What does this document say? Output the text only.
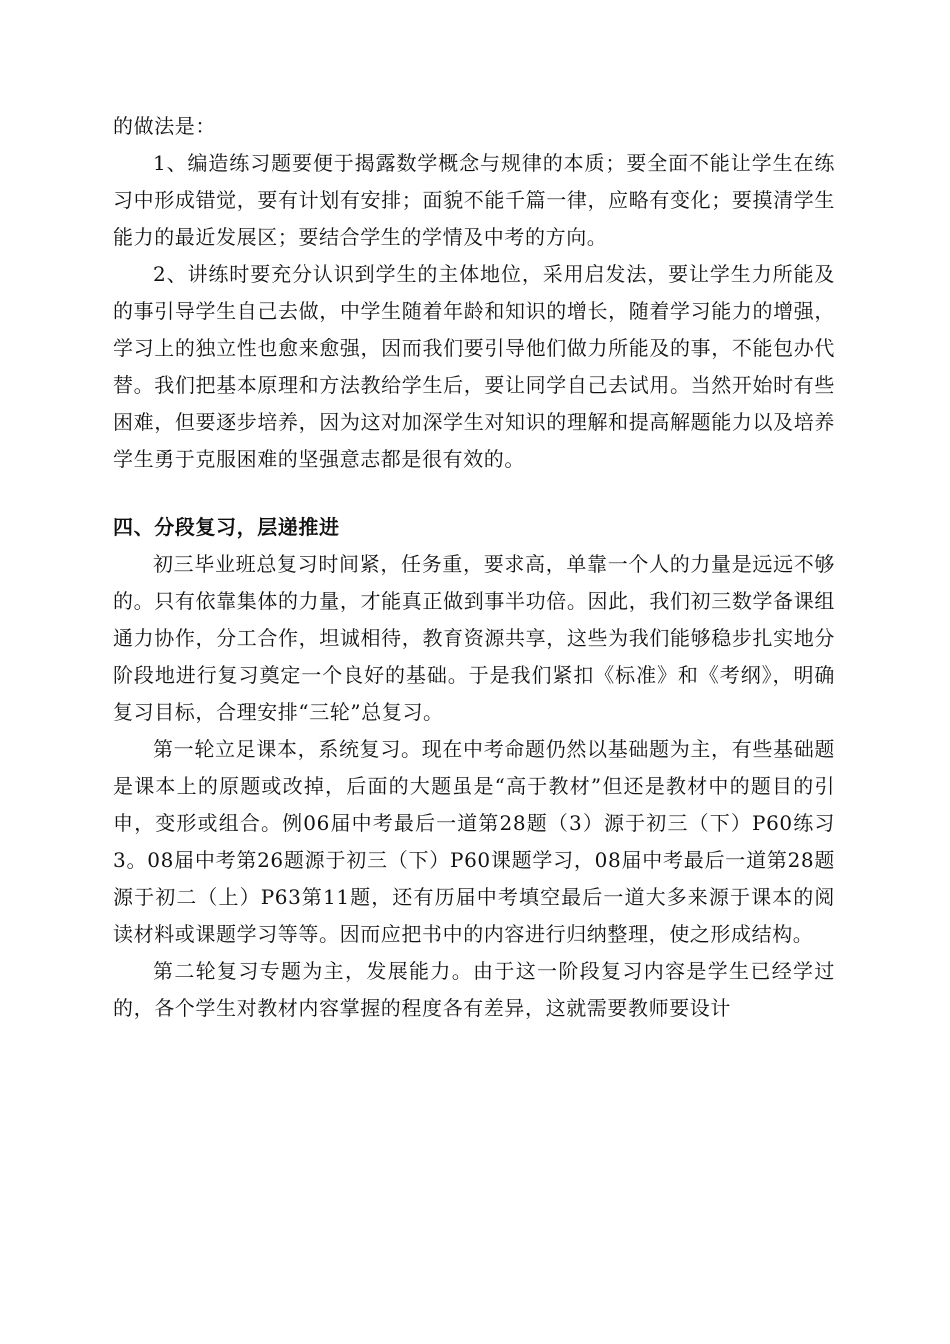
的做法是：

1、编造练习题要便于揭露数学概念与规律的本质；要全面不能让学生在练习中形成错觉，要有计划有安排；面貌不能千篇一律，应略有变化；要摸清学生能力的最近发展区；要结合学生的学情及中考的方向。

2、讲练时要充分认识到学生的主体地位，采用启发法，要让学生力所能及的事引导学生自己去做，中学生随着年龄和知识的增长，随着学习能力的增强，学习上的独立性也愈来愈强，因而我们要引导他们做力所能及的事，不能包办代替。我们把基本原理和方法教给学生后，要让同学自己去试用。当然开始时有些困难，但要逐步培养，因为这对加深学生对知识的理解和提高解题能力以及培养学生勇于克服困难的坚强意志都是很有效的。

四、分段复习，层递推进

初三毕业班总复习时间紧，任务重，要求高，单靠一个人的力量是远远不够的。只有依靠集体的力量，才能真正做到事半功倍。因此，我们初三数学备课组通力协作，分工合作，坦诚相待，教育资源共享，这些为我们能够稳步扎实地分阶段地进行复习奠定一个良好的基础。于是我们紧扣《标准》和《考纲》，明确复习目标，合理安排“三轮”总复习。

第一轮立足课本，系统复习。现在中考命题仍然以基础题为主，有些基础题是课本上的原题或改掉，后面的大题虽是“高于教材”但还是教材中的题目的引申，变形或组合。例06届中考最后一道第28题（3）源于初三（下）P60练习3。08届中考第26题源于初三（下）P60课题学习，08届中考最后一道第28题源于初二（上）P63第11题，还有历届中考填空最后一道大多来源于课本的阅读材料或课题学习等等。因而应把书中的内容进行归纳整理，使之形成结构。

第二轮复习专题为主，发展能力。由于这一阶段复习内容是学生已经学过的，各个学生对教材内容掌握的程度各有差异，这就需要教师要设计
